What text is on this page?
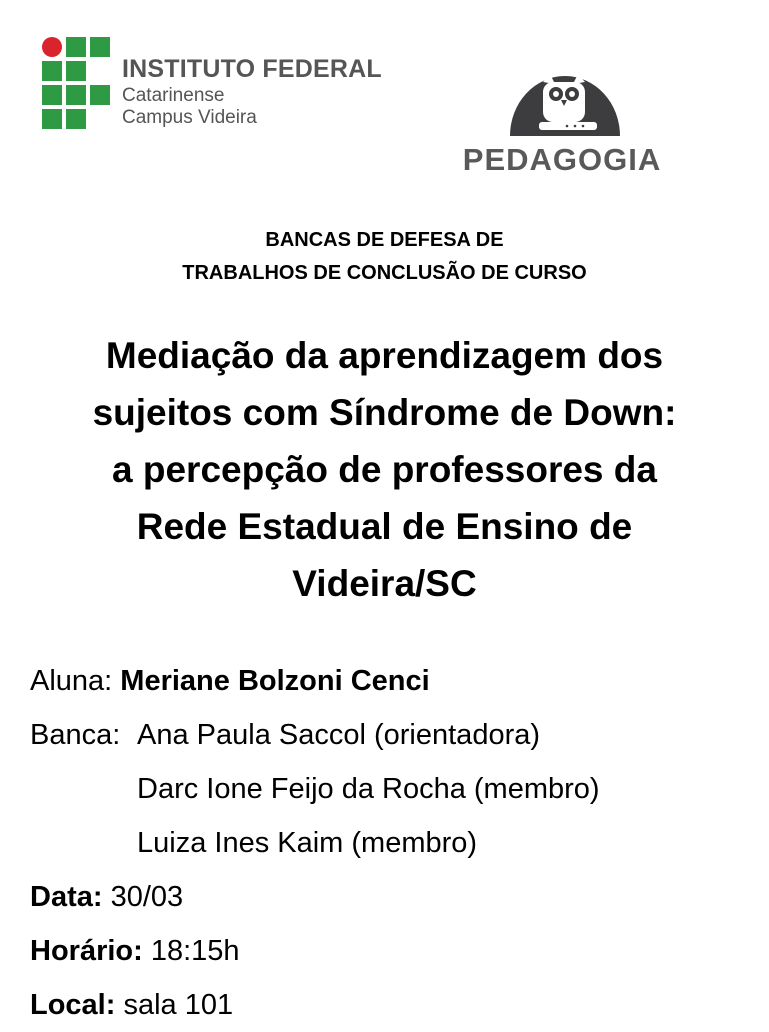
INSTITUTO FEDERAL
Catarinense
Campus Videira
PEDAGOGIA
BANCAS DE DEFESA DE
TRABALHOS DE CONCLUSÃO DE CURSO
Mediação da aprendizagem dos
sujeitos com Síndrome de Down:
a percepção de professores da
Rede Estadual de Ensino de
Videira/SC
Aluna: Meriane Bolzoni Cenci
Banca: Ana Paula Saccol (orientadora)
Darc Ione Feijo da Rocha (membro)
Luiza Ines Kaim (membro)
Data: 30/03
Horário: 18:15h
Local: sala 101
